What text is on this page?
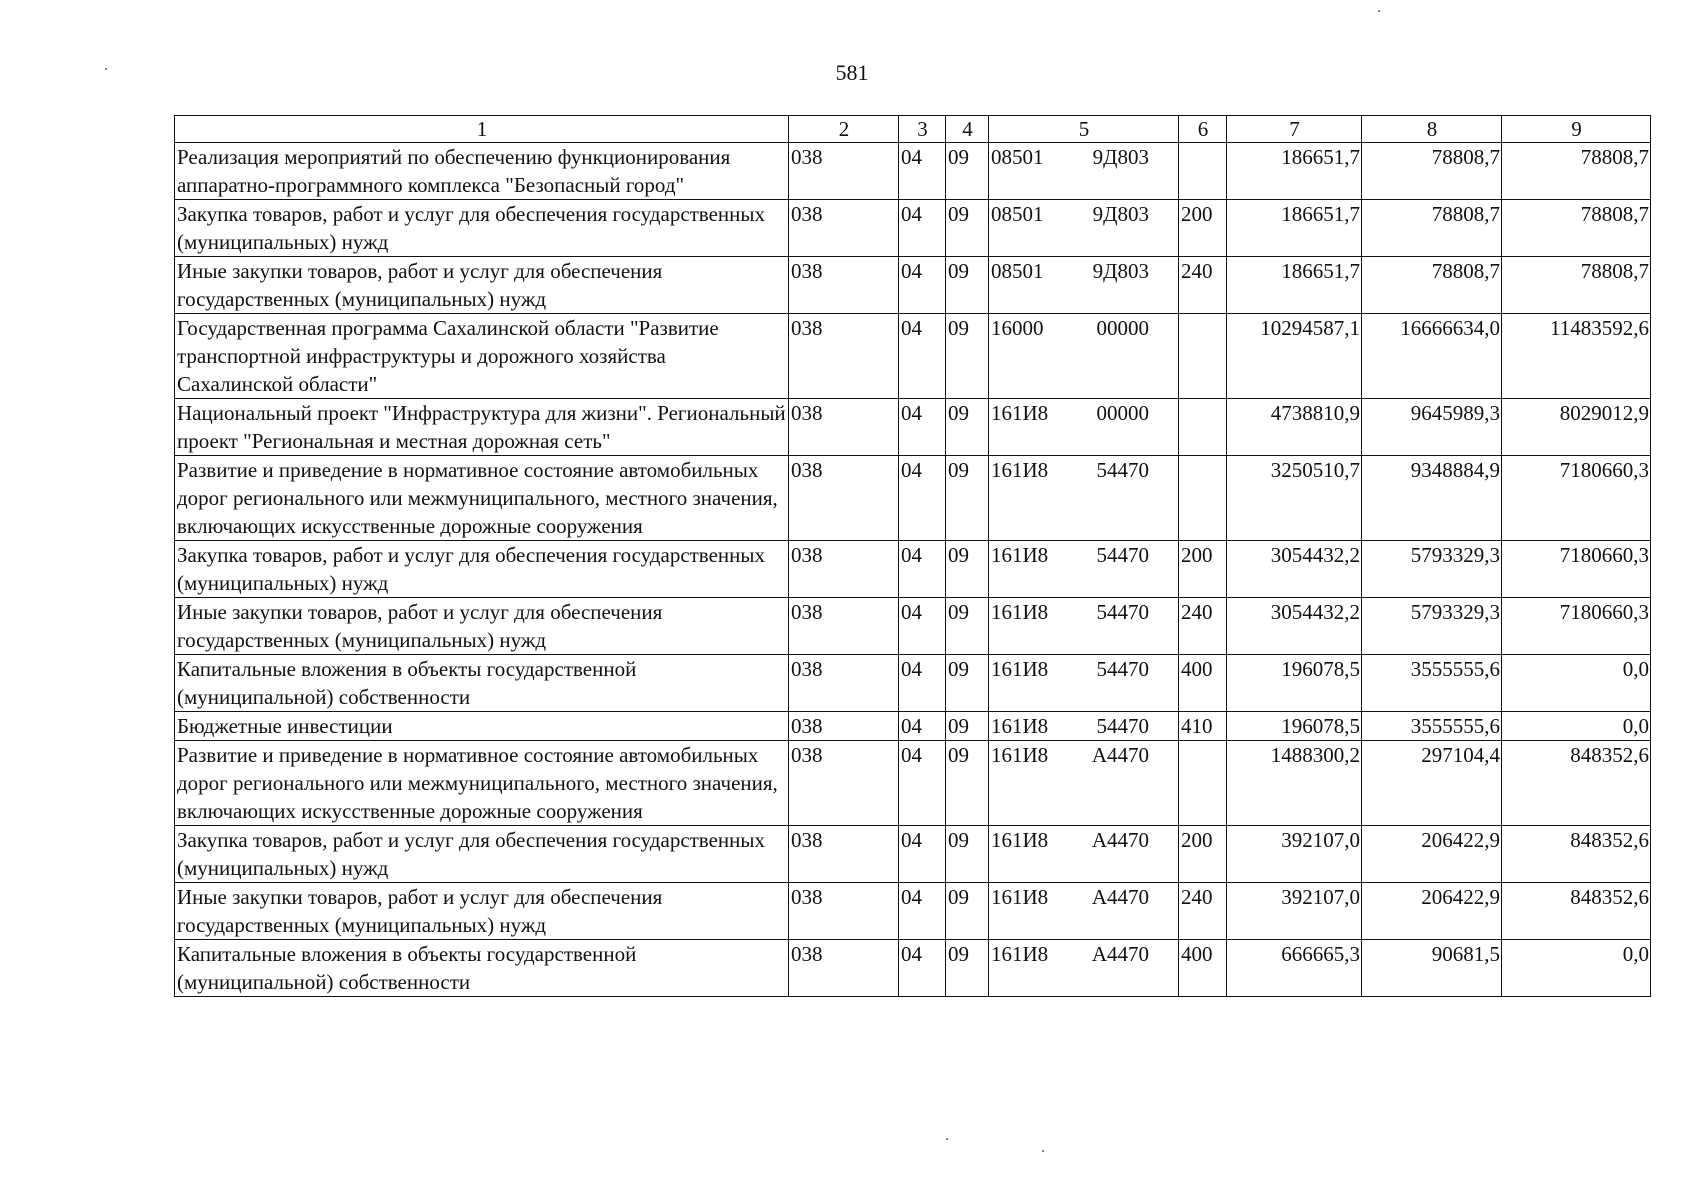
581
1	2	3	4	5	6	7	8	9
Реализация мероприятий по обеспечению функционирования аппаратно-программного комплекса "Безопасный город"	038	04	09	08501 9Д803		186651,7	78808,7	78808,7
Закупка товаров, работ и услуг для обеспечения государственных (муниципальных) нужд	038	04	09	08501 9Д803	200	186651,7	78808,7	78808,7
Иные закупки товаров, работ и услуг для обеспечения государственных (муниципальных) нужд	038	04	09	08501 9Д803	240	186651,7	78808,7	78808,7
Государственная программа Сахалинской области "Развитие транспортной инфраструктуры и дорожного хозяйства Сахалинской области"	038	04	09	16000 00000		10294587,1	16666634,0	11483592,6
Национальный проект "Инфраструктура для жизни". Региональный проект "Региональная и местная дорожная сеть"	038	04	09	161И8 00000		4738810,9	9645989,3	8029012,9
Развитие и приведение в нормативное состояние автомобильных дорог регионального или межмуниципального, местного значения, включающих искусственные дорожные сооружения	038	04	09	161И8 54470		3250510,7	9348884,9	7180660,3
Закупка товаров, работ и услуг для обеспечения государственных (муниципальных) нужд	038	04	09	161И8 54470	200	3054432,2	5793329,3	7180660,3
Иные закупки товаров, работ и услуг для обеспечения государственных (муниципальных) нужд	038	04	09	161И8 54470	240	3054432,2	5793329,3	7180660,3
Капитальные вложения в объекты государственной (муниципальной) собственности	038	04	09	161И8 54470	400	196078,5	3555555,6	0,0
Бюджетные инвестиции	038	04	09	161И8 54470	410	196078,5	3555555,6	0,0
Развитие и приведение в нормативное состояние автомобильных дорог регионального или межмуниципального, местного значения, включающих искусственные дорожные сооружения	038	04	09	161И8 А4470		1488300,2	297104,4	848352,6
Закупка товаров, работ и услуг для обеспечения государственных (муниципальных) нужд	038	04	09	161И8 А4470	200	392107,0	206422,9	848352,6
Иные закупки товаров, работ и услуг для обеспечения государственных (муниципальных) нужд	038	04	09	161И8 А4470	240	392107,0	206422,9	848352,6
Капитальные вложения в объекты государственной (муниципальной) собственности	038	04	09	161И8 А4470	400	666665,3	90681,5	0,0
